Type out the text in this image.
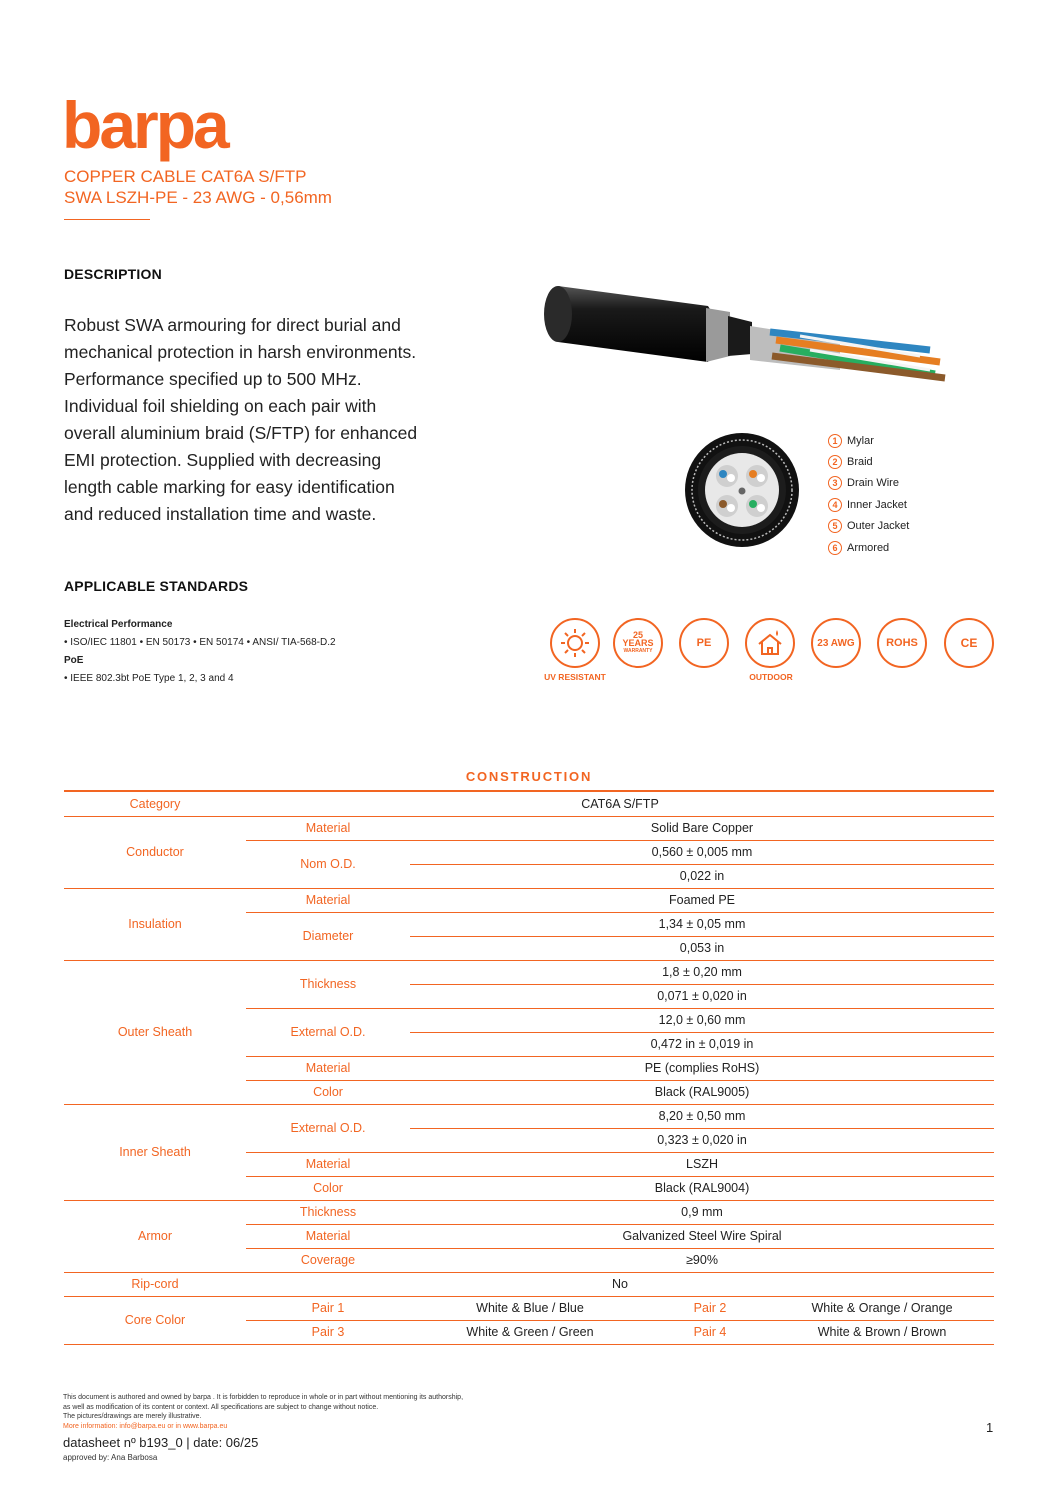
barpa
COPPER CABLE CAT6A S/FTP
SWA LSZH-PE - 23 AWG - 0,56mm
DESCRIPTION
Robust SWA armouring for direct burial and mechanical protection in harsh environments. Performance specified up to 500 MHz. Individual foil shielding on each pair with overall aluminium braid (S/FTP) for enhanced EMI protection. Supplied with decreasing length cable marking for easy identification and reduced installation time and waste.
APPLICABLE STANDARDS
Electrical Performance
• ISO/IEC 11801 • EN 50173 • EN 50174 • ANSI/ TIA-568-D.2
PoE
• IEEE 802.3bt PoE Type 1, 2, 3 and 4
1 Mylar
2 Braid
3 Drain Wire
4 Inner Jacket
5 Outer Jacket
6 Armored
UV RESISTANT
25
YEARS
WARRANTY
PE
OUTDOOR
23 AWG	ROHS	CE
CONSTRUCTION
Category	CAT6A S/FTP			
Conductor	Material	Solid Bare Copper		
	Nom O.D.	0,560 ± 0,005 mm		
		0,022 in		
Insulation	Material	Foamed PE		
	Diameter	1,34 ± 0,05 mm		
		0,053 in		
Outer Sheath	Thickness	1,8 ± 0,20 mm		
		0,071 ± 0,020 in		
	External O.D.	12,0 ± 0,60 mm		
		0,472 in ± 0,019 in		
	Material	PE (complies RoHS)		
	Color	Black (RAL9005)		
Inner Sheath	External O.D.	8,20 ± 0,50 mm		
		0,323 ± 0,020 in		
	Material	LSZH		
	Color	Black (RAL9004)		
Armor	Thickness	0,9 mm		
	Material	Galvanized Steel Wire Spiral		
	Coverage	≥90%		
Rip-cord	No			
Core Color	Pair 1	White & Blue / Blue	Pair 2	White & Orange / Orange
	Pair 3	White & Green / Green	Pair 4	White & Brown / Brown
This document is authored and owned by barpa . It is forbidden to reproduce in whole or in part without mentioning its authorship,
as well as modification of its content or context. All specifications are subject to change without notice.
The pictures/drawings are merely illustrative.
More information: info@barpa.eu or in www.barpa.eu	1
datasheet nº b193_0 | date: 06/25
approved by: Ana Barbosa
